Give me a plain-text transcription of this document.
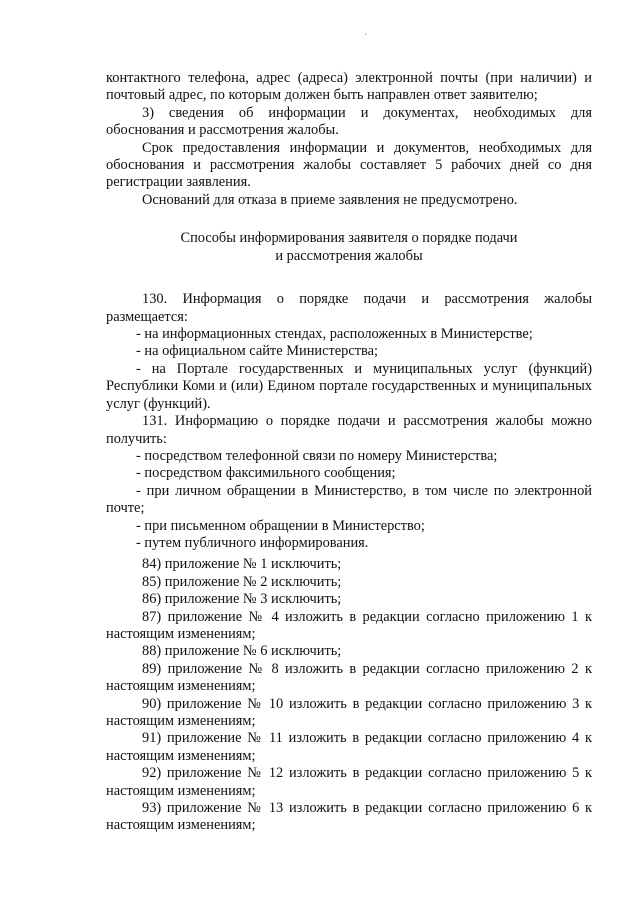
·

контактного телефона, адрес (адреса) электронной почты (при наличии) и почтовый адрес, по которым должен быть направлен ответ заявителю;

3) сведения об информации и документах, необходимых для обоснования и рассмотрения жалобы.

Срок предоставления информации и документов, необходимых для обоснования и рассмотрения жалобы составляет 5 рабочих дней со дня регистрации заявления.

Оснований для отказа в приеме заявления не предусмотрено.

Способы информирования заявителя о порядке подачи
и рассмотрения жалобы

130. Информация о порядке подачи и рассмотрения жалобы размещается:

- на информационных стендах, расположенных в Министерстве;

- на официальном сайте Министерства;

- на Портале государственных и муниципальных услуг (функций) Республики Коми и (или) Едином портале государственных и муниципальных услуг (функций).

131. Информацию о порядке подачи и рассмотрения жалобы можно получить:

- посредством телефонной связи по номеру Министерства;

- посредством факсимильного сообщения;

- при личном обращении в Министерство, в том числе по электронной почте;

- при письменном обращении в Министерство;

- путем публичного информирования.

84) приложение № 1 исключить;

85) приложение № 2 исключить;

86) приложение № 3 исключить;

87) приложение № 4 изложить в редакции согласно приложению 1 к настоящим изменениям;

88) приложение № 6 исключить;

89) приложение № 8 изложить в редакции согласно приложению 2 к настоящим изменениям;

90) приложение № 10 изложить в редакции согласно приложению 3 к настоящим изменениям;

91) приложение № 11 изложить в редакции согласно приложению 4 к настоящим изменениям;

92) приложение № 12 изложить в редакции согласно приложению 5 к настоящим изменениям;

93) приложение № 13 изложить в редакции согласно приложению 6 к настоящим изменениям;
